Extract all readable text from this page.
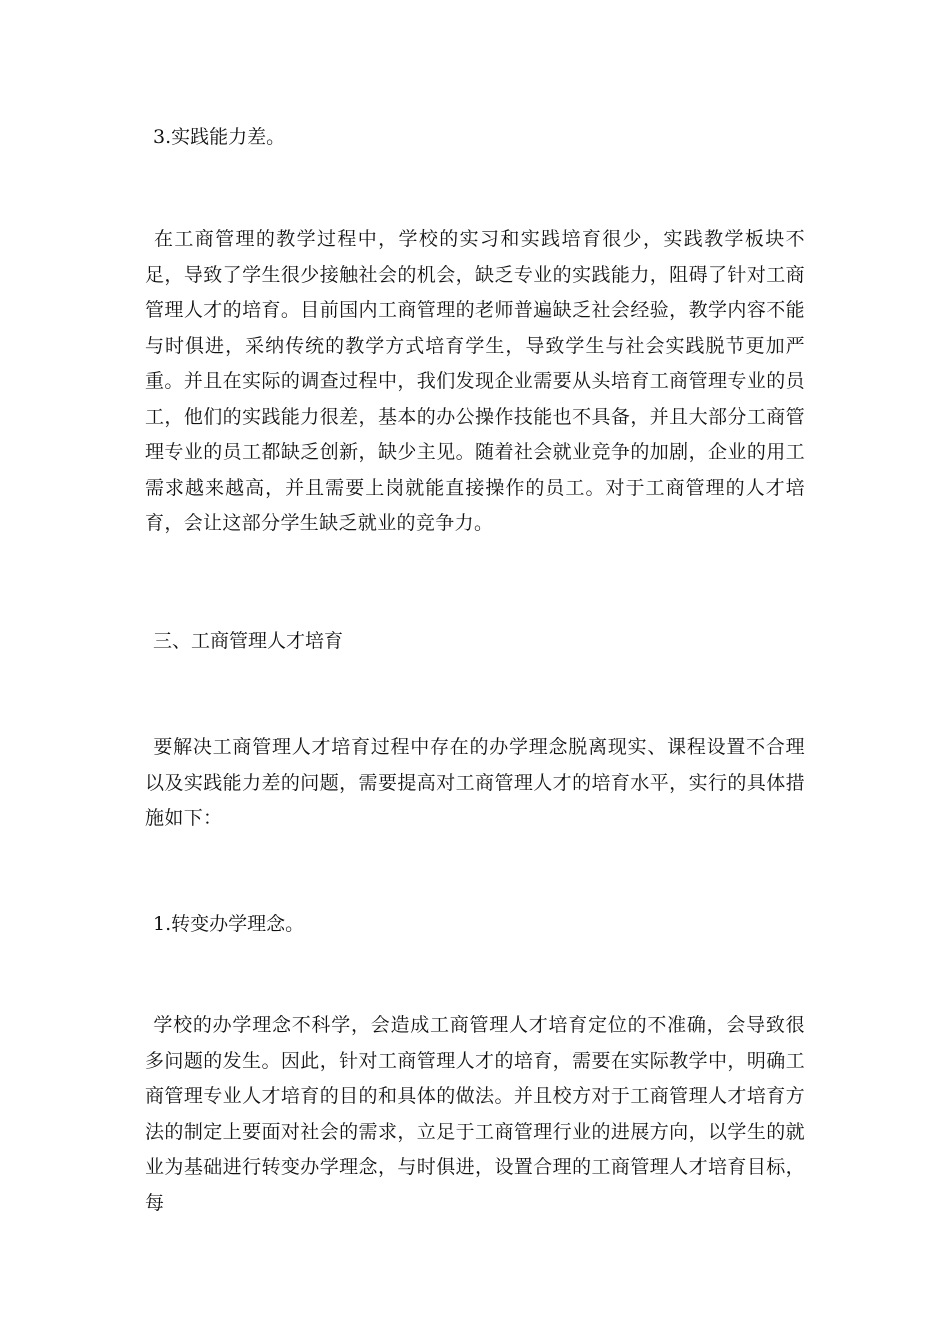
3.实践能力差。

在工商管理的教学过程中，学校的实习和实践培育很少，实践教学板块不足，导致了学生很少接触社会的机会，缺乏专业的实践能力，阻碍了针对工商管理人才的培育。目前国内工商管理的老师普遍缺乏社会经验，教学内容不能与时俱进，采纳传统的教学方式培育学生，导致学生与社会实践脱节更加严重。并且在实际的调查过程中，我们发现企业需要从头培育工商管理专业的员工，他们的实践能力很差，基本的办公操作技能也不具备，并且大部分工商管理专业的员工都缺乏创新，缺少主见。随着社会就业竞争的加剧，企业的用工需求越来越高，并且需要上岗就能直接操作的员工。对于工商管理的人才培育，会让这部分学生缺乏就业的竞争力。

三、工商管理人才培育

要解决工商管理人才培育过程中存在的办学理念脱离现实、课程设置不合理以及实践能力差的问题，需要提高对工商管理人才的培育水平，实行的具体措施如下：

1.转变办学理念。

学校的办学理念不科学，会造成工商管理人才培育定位的不准确，会导致很多问题的发生。因此，针对工商管理人才的培育，需要在实际教学中，明确工商管理专业人才培育的目的和具体的做法。并且校方对于工商管理人才培育方法的制定上要面对社会的需求，立足于工商管理行业的进展方向，以学生的就业为基础进行转变办学理念，与时俱进，设置合理的工商管理人才培育目标，每
